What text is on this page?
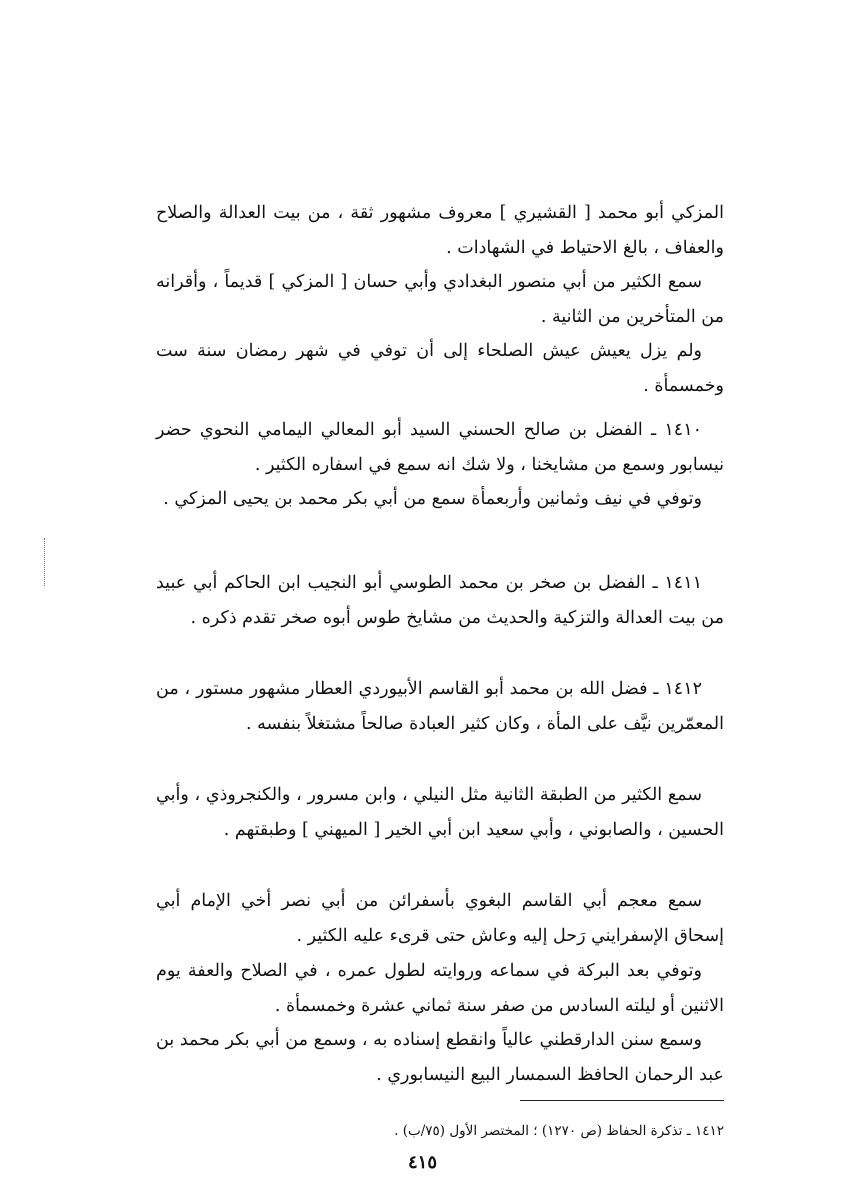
المزكي أبو محمد [ القشيري ] معروف مشهور ثقة ، من بيت العدالة والصلاح والعفاف ، بالغ الاحتياط في الشهادات .

سمع الكثير من أبي منصور البغدادي وأبي حسان [ المزكي ] قديماً ، وأقرانه من المتأخرين من الثانية .

ولم يزل يعيش عيش الصلحاء إلى أن توفي في شهر رمضان سنة ست وخمسمأة .

١٤١٠ ـ الفضل بن صالح الحسني السيد أبو المعالي اليمامي النحوي حضر نيسابور وسمع من مشايخنا ، ولا شك انه سمع في اسفاره الكثير .

وتوفي في نيف وثمانين وأربعمأة سمع من أبي بكر محمد بن يحيى المزكي .

١٤١١ ـ الفضل بن صخر بن محمد الطوسي أبو النجيب ابن الحاكم أبي عبيد من بيت العدالة والتزكية والحديث من مشايخ طوس أبوه صخر تقدم ذكره .

١٤١٢ ـ فضل الله بن محمد أبو القاسم الأبيوردي العطار مشهور مستور ، من المعمّرين نيَّف على المأة ، وكان كثير العبادة صالحاً مشتغلاً بنفسه .

سمع الكثير من الطبقة الثانية مثل النيلي ، وابن مسرور ، والكنجروذي ، وأبي الحسين ، والصابوني ، وأبي سعيد ابن أبي الخير [ الميهني ] وطبقتهم .

سمع معجم أبي القاسم البغوي بأسفرائن من أبي نصر أخي الإمام أبي إسحاق الإسفرايني رَحل إليه وعاش حتى قرىء عليه الكثير .

وتوفي بعد البركة في سماعه وروايته لطول عمره ، في الصلاح والعفة يوم الاثنين أو ليلته السادس من صفر سنة ثماني عشرة وخمسمأة .

وسمع سنن الدارقطني عالياً وانقطع إسناده به ، وسمع من أبي بكر محمد بن عبد الرحمان الحافظ السمسار البيع النيسابوري .

١٤١٢ ـ تذكرة الحفاظ (ص ١٢٧٠) ؛ المختصر الأول (٧٥/ب) .
٤١٥
